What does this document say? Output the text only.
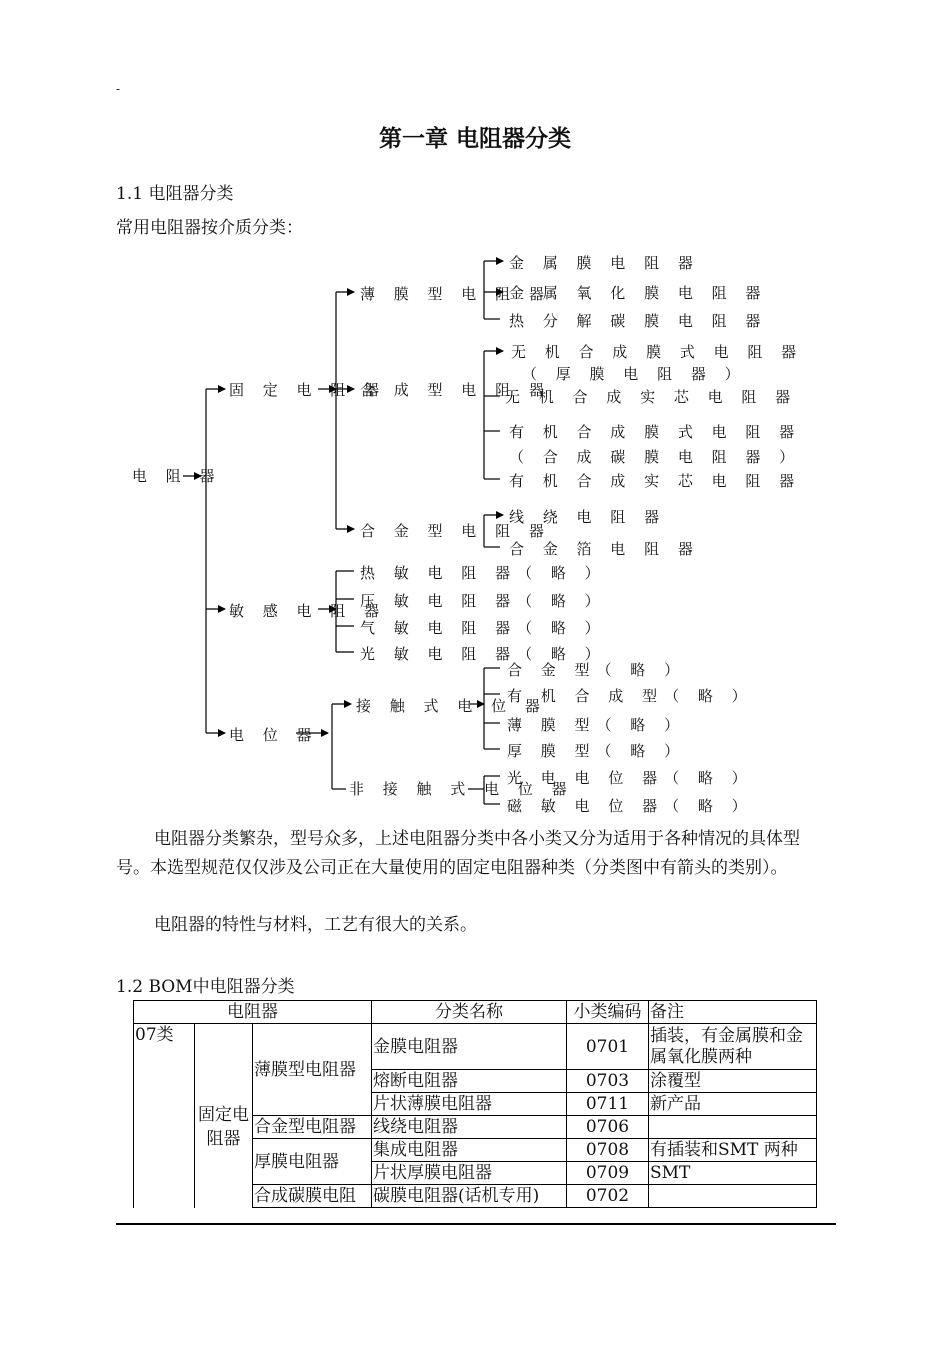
-
第一章 电阻器分类
1.1 电阻器分类
常用电阻器按介质分类：
电 阻 器
固 定 电 阻 器
薄 膜 型 电 阻 器
金 属 膜 电 阻 器
金 属 氧 化 膜 电 阻 器
热 分 解 碳 膜 电 阻 器
合 成 型 电 阻 器
无 机 合 成 膜 式 电 阻 器
（ 厚 膜 电 阻 器 ）
无 机 合 成 实 芯 电 阻 器
有 机 合 成 膜 式 电 阻 器
（ 合 成 碳 膜 电 阻 器 ）
有 机 合 成 实 芯 电 阻 器
合 金 型 电 阻 器
线 绕 电 阻 器
合 金 箔 电 阻 器
敏 感 电 阻 器
热 敏 电 阻 器（ 略 ）
压 敏 电 阻 器（ 略 ）
气 敏 电 阻 器（ 略 ）
光 敏 电 阻 器（ 略 ）
电 位 器
接 触 式 电 位 器
合 金 型（ 略 ）
有 机 合 成 型（ 略 ）
薄 膜 型（ 略 ）
厚 膜 型（ 略 ）
非 接 触 式 电 位 器
光 电 电 位 器（ 略 ）
磁 敏 电 位 器（ 略 ）
电阻器分类繁杂，型号众多，上述电阻器分类中各小类又分为适用于各种情况的具体型号。本选型规范仅仅涉及公司正在大量使用的固定电阻器种类（分类图中有箭头的类别）。
电阻器的特性与材料，工艺有很大的关系。
1.2 BOM中电阻器分类
电阻器			分类名称	小类编码	备注
07类	固定电阻器	薄膜型电阻器	金膜电阻器	0701	插装，有金属膜和金属氧化膜两种
			熔断电阻器	0703	涂覆型
			片状薄膜电阻器	0711	新产品
		合金型电阻器	线绕电阻器	0706	
		厚膜电阻器	集成电阻器	0708	有插装和SMT 两种
			片状厚膜电阻器	0709	SMT
		合成碳膜电阻	碳膜电阻器(话机专用)	0702	
